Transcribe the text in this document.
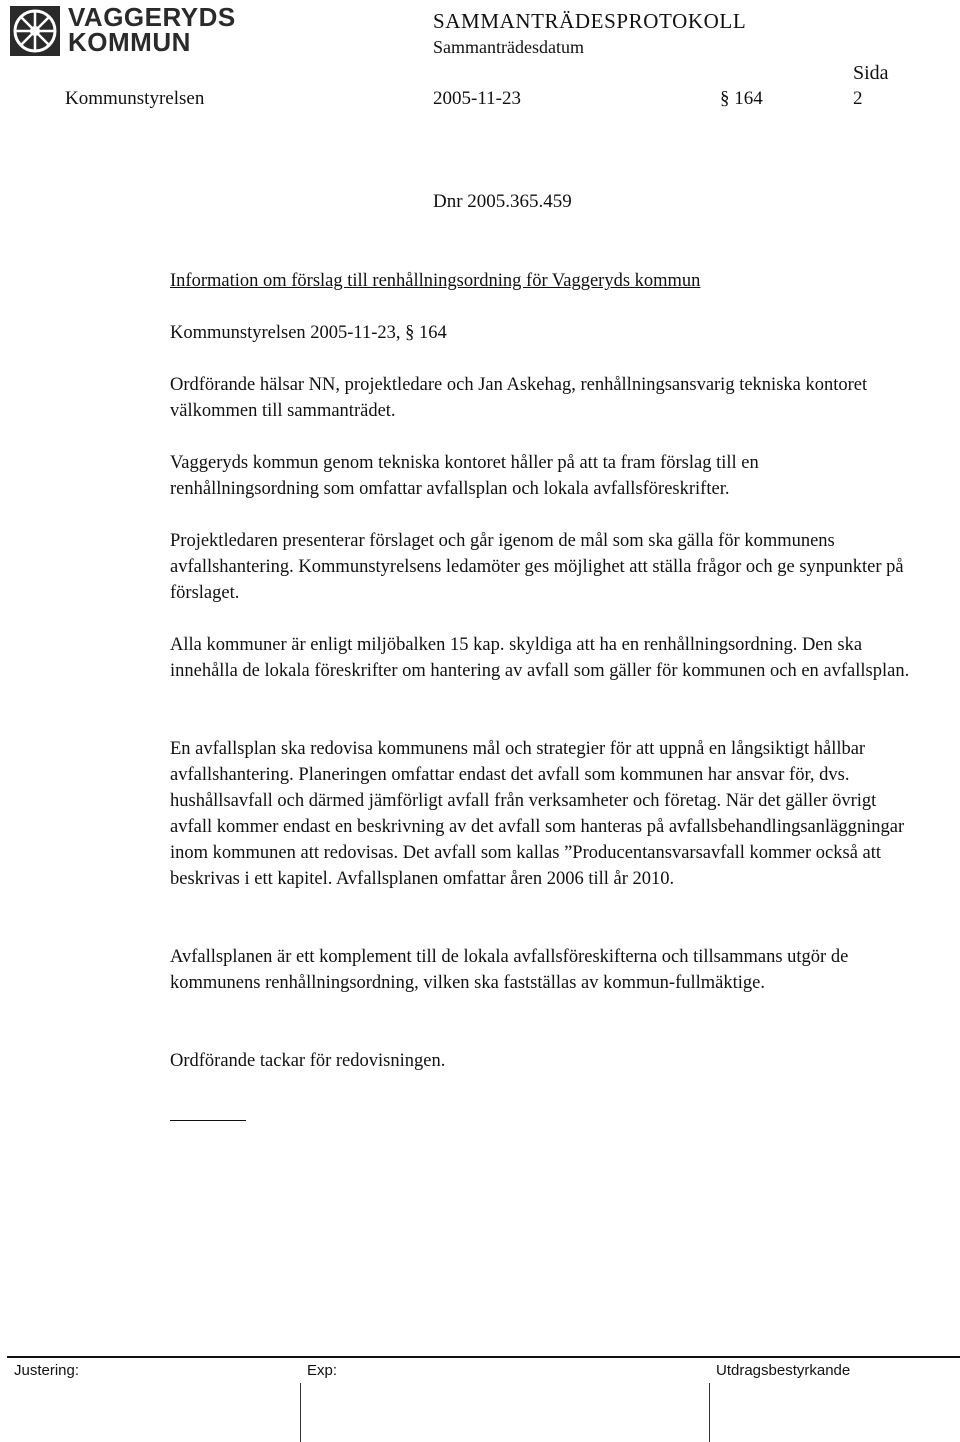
VAGGERYDS
KOMMUN
SAMMANTRÄDESPROTOKOLL
Sammanträdesdatum
Sida
Kommunstyrelsen	2005-11-23	§ 164	2
Dnr 2005.365.459
Information om förslag till renhållningsordning för Vaggeryds kommun
Kommunstyrelsen 2005-11-23, § 164
Ordförande hälsar NN, projektledare och Jan Askehag, renhållningsansvarig tekniska kontoret välkommen till sammanträdet.
Vaggeryds kommun genom tekniska kontoret håller på att ta fram förslag till en renhållningsordning som omfattar avfallsplan och lokala avfallsföreskrifter.
Projektledaren presenterar förslaget och går igenom de mål som ska gälla för kommunens avfallshantering. Kommunstyrelsens ledamöter ges möjlighet att ställa frågor och ge synpunkter på förslaget.
Alla kommuner är enligt miljöbalken 15 kap. skyldiga att ha en renhållningsordning. Den ska innehålla de lokala föreskrifter om hantering av avfall som gäller för kommunen och en avfallsplan.
En avfallsplan ska redovisa kommunens mål och strategier för att uppnå en långsiktigt hållbar avfallshantering. Planeringen omfattar endast det avfall som kommunen har ansvar för, dvs. hushållsavfall och därmed jämförligt avfall från verksamheter och företag. När det gäller övrigt avfall kommer endast en beskrivning av det avfall som hanteras på avfallsbehandlingsanläggningar inom kommunen att redovisas. Det avfall som kallas ”Producentansvarsavfall kommer också att beskrivas i ett kapitel. Avfallsplanen omfattar åren 2006 till år 2010.
Avfallsplanen är ett komplement till de lokala avfallsföreskifterna och tillsammans utgör de kommunens renhållningsordning, vilken ska fastställas av kommun-fullmäktige.
Ordförande tackar för redovisningen.
Justering:	Exp:	Utdragsbestyrkande
